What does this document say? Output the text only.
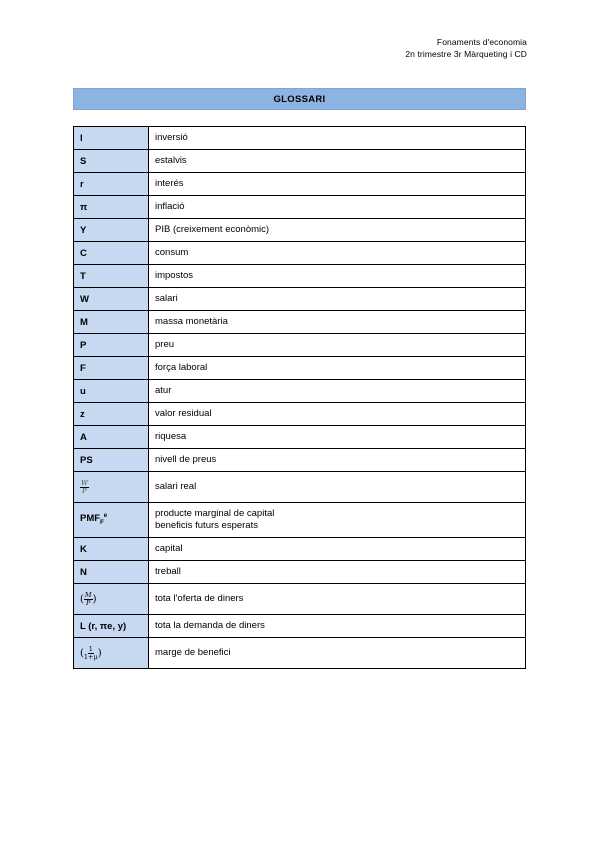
Fonaments d'economia
2n trimestre 3r Màrqueting i CD
GLOSSARI
I	inversió
S	estalvis
r	interés
π	inflació
Y	PIB (creixement econòmic)
C	consum
T	impostos
W	salari
M	massa monetària
P	preu
F	força laboral
u	atur
z	valor residual
A	riquesa
PS	nivell de preus

$\frac{W}{P}$	salari real
$PMF_F^e$	producte marginal de capital
beneficis futurs esperats

K	capital
N	treball
( $\frac{M}{P}$ )	tota l'oferta de diners
L (r, πe, y)	tota la demanda de diners
( $\frac{1}{1+\mu}$ )	marge de benefici
